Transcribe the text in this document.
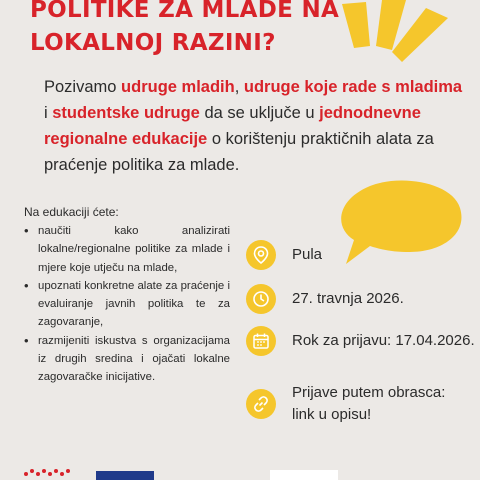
POLITIKE ZA MLADE NA
LOKALNOJ RAZINI?

Pozivamo udruge mladih, udruge koje rade s mladima i studentske udruge da se uključe u jednodnevne regionalne edukacije o korištenju praktičnih alata za praćenje politika za mlade.

Na edukaciji ćete:
• naučiti kako analizirati lokalne/regionalne politike za mlade i mjere koje utječu na mlade,
• upoznati konkretne alate za praćenje i evaluiranje javnih politika te za zagovaranje,
• razmijeniti iskustva s organizacijama iz drugih sredina i ojačati lokalne zagovaračke inicijative.
Pula
27. travnja 2026.
Rok za prijavu: 17.04.2026.
Prijave putem obrasca: link u opisu!
